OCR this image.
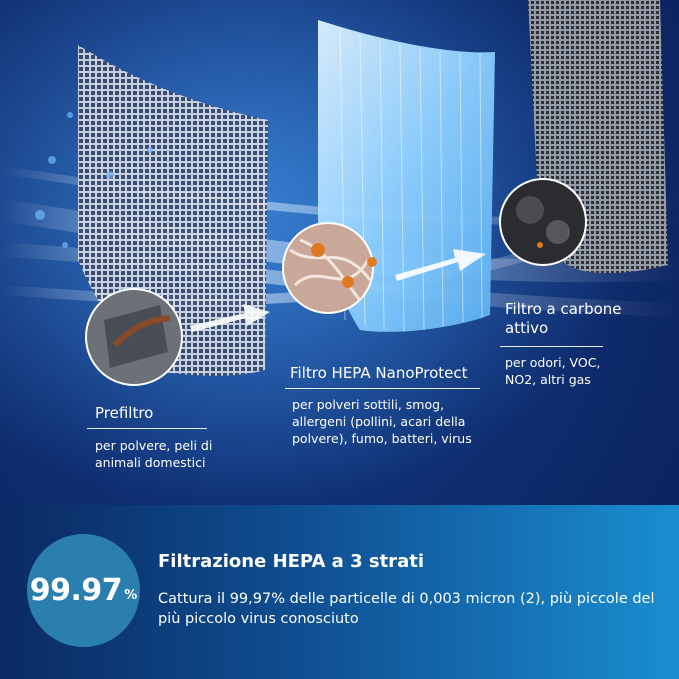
Prefiltro
per polvere, peli di
animali domestici
Filtro HEPA NanoProtect
per polveri sottili, smog,
allergeni (pollini, acari della
polvere), fumo, batteri, virus
Filtro a carbone
attivo
per odori, VOC,
NO2, altri gas
99.97 %
Filtrazione HEPA a 3 strati
Cattura il 99,97% delle particelle di 0,003 micron (2), più piccole del
più piccolo virus conosciuto
